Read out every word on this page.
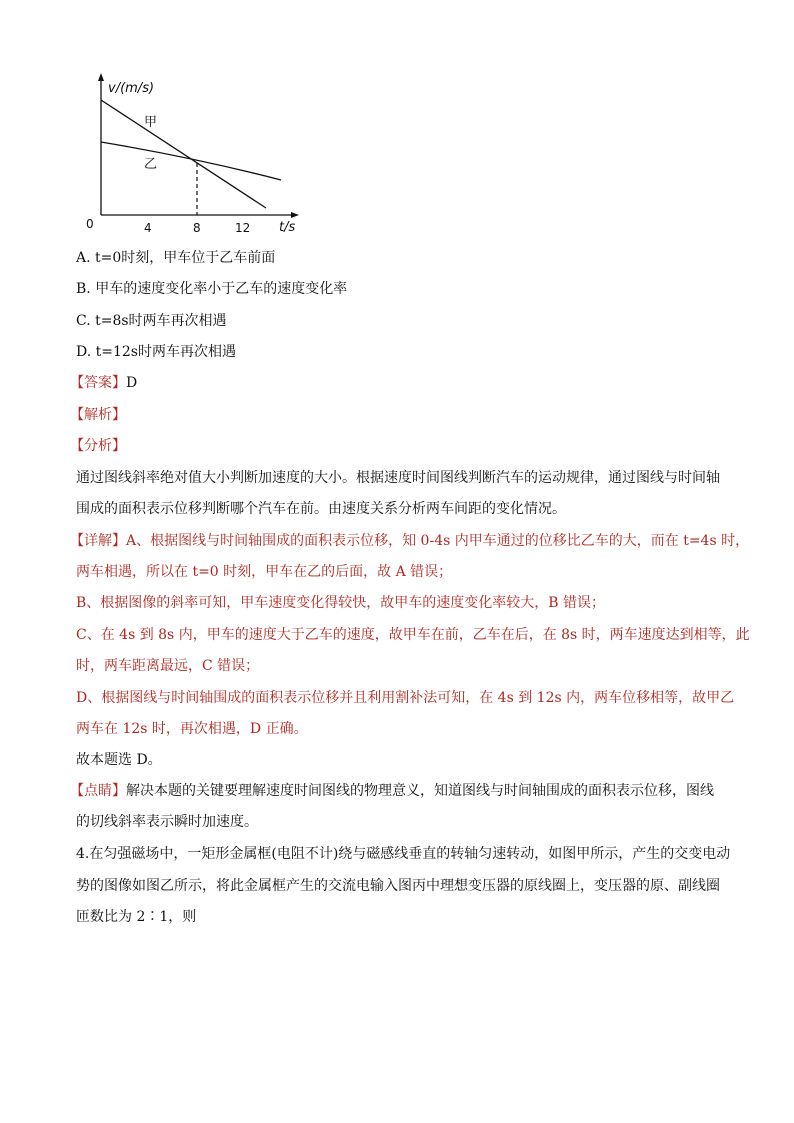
0	4	8	12
v/(m/s)
t/s
甲
乙
A. t=0时刻，甲车位于乙车前面
B. 甲车的速度变化率小于乙车的速度变化率
C. t=8s时两车再次相遇
D. t=12s时两车再次相遇
【答案】D
【解析】
【分析】
通过图线斜率绝对值大小判断加速度的大小。根据速度时间图线判断汽车的运动规律，通过图线与时间轴
围成的面积表示位移判断哪个汽车在前。由速度关系分析两车间距的变化情况。
【详解】A、根据图线与时间轴围成的面积表示位移，知 0-4s 内甲车通过的位移比乙车的大，而在 t=4s 时，
两车相遇，所以在 t=0 时刻，甲车在乙的后面，故 A 错误；
B、根据图像的斜率可知，甲车速度变化得较快，故甲车的速度变化率较大，B 错误；
C、在 4s 到 8s 内，甲车的速度大于乙车的速度，故甲车在前，乙车在后，在 8s 时，两车速度达到相等，此
时，两车距离最远，C 错误；
D、根据图线与时间轴围成的面积表示位移并且利用割补法可知，在 4s 到 12s 内，两车位移相等，故甲乙
两车在 12s 时，再次相遇，D 正确。
故本题选 D。
【点睛】解决本题的关键要理解速度时间图线的物理意义，知道图线与时间轴围成的面积表示位移，图线
的切线斜率表示瞬时加速度。
4.在匀强磁场中，一矩形金属框(电阻不计)绕与磁感线垂直的转轴匀速转动，如图甲所示，产生的交变电动
势的图像如图乙所示，将此金属框产生的交流电输入图丙中理想变压器的原线圈上，变压器的原、副线圈
匝数比为 2∶1，则
